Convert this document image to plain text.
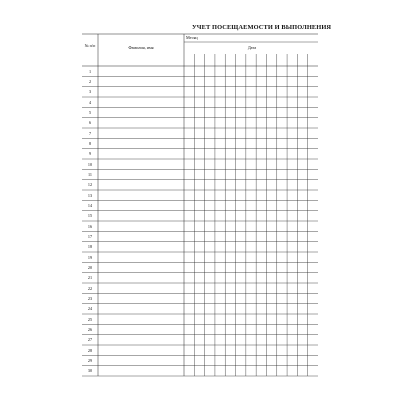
УЧЕТ ПОСЕЩАЕМОСТИ И ВЫПОЛНЕНИЯ
№ п/п	Фамилия, имя
Месяц
Дата
1
2
3
4
5
6
7
8
9
10
11
12
13
14
15
16
17
18
19
20
21
22
23
24
25
26
27
28
29
30
